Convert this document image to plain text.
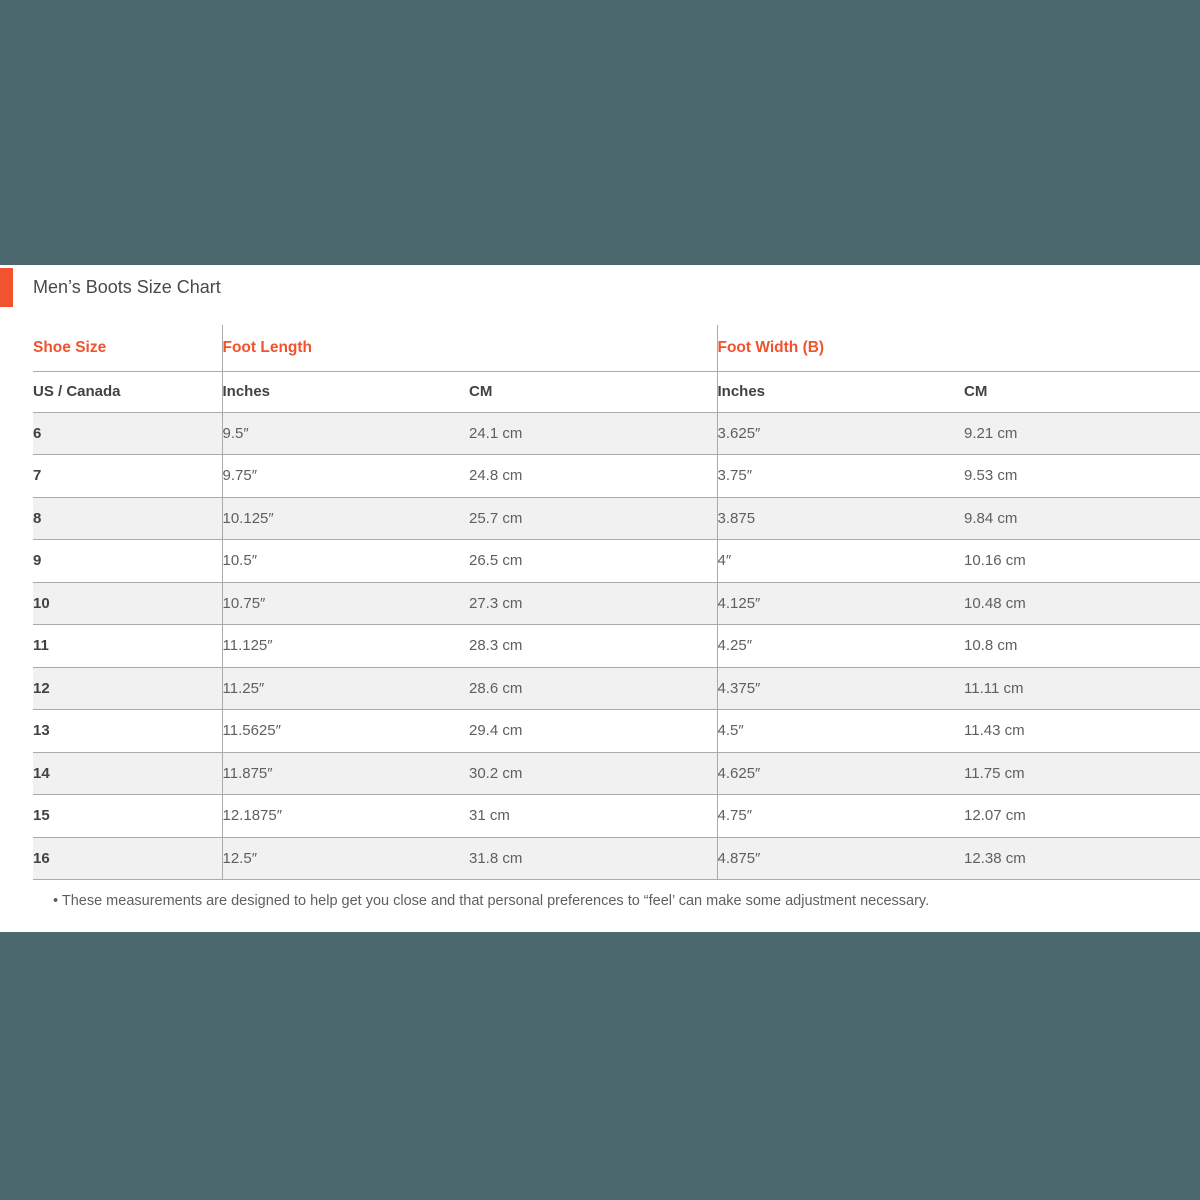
Men’s Boots Size Chart
Shoe Size	Foot Length		Foot Width (B)	
US / Canada	Inches	CM	Inches	CM
6	9.5″	24.1 cm	3.625″	9.21 cm
7	9.75″	24.8 cm	3.75″	9.53 cm
8	10.125″	25.7 cm	3.875	9.84 cm
9	10.5″	26.5 cm	4″	10.16 cm
10	10.75″	27.3 cm	4.125″	10.48 cm
11	11.125″	28.3 cm	4.25″	10.8 cm
12	11.25″	28.6 cm	4.375″	11.11 cm
13	11.5625″	29.4 cm	4.5″	11.43 cm
14	11.875″	30.2 cm	4.625″	11.75 cm
15	12.1875″	31 cm	4.75″	12.07 cm
16	12.5″	31.8 cm	4.875″	12.38 cm
• These measurements are designed to help get you close and that personal preferences to “feel’ can make some adjustment necessary.
